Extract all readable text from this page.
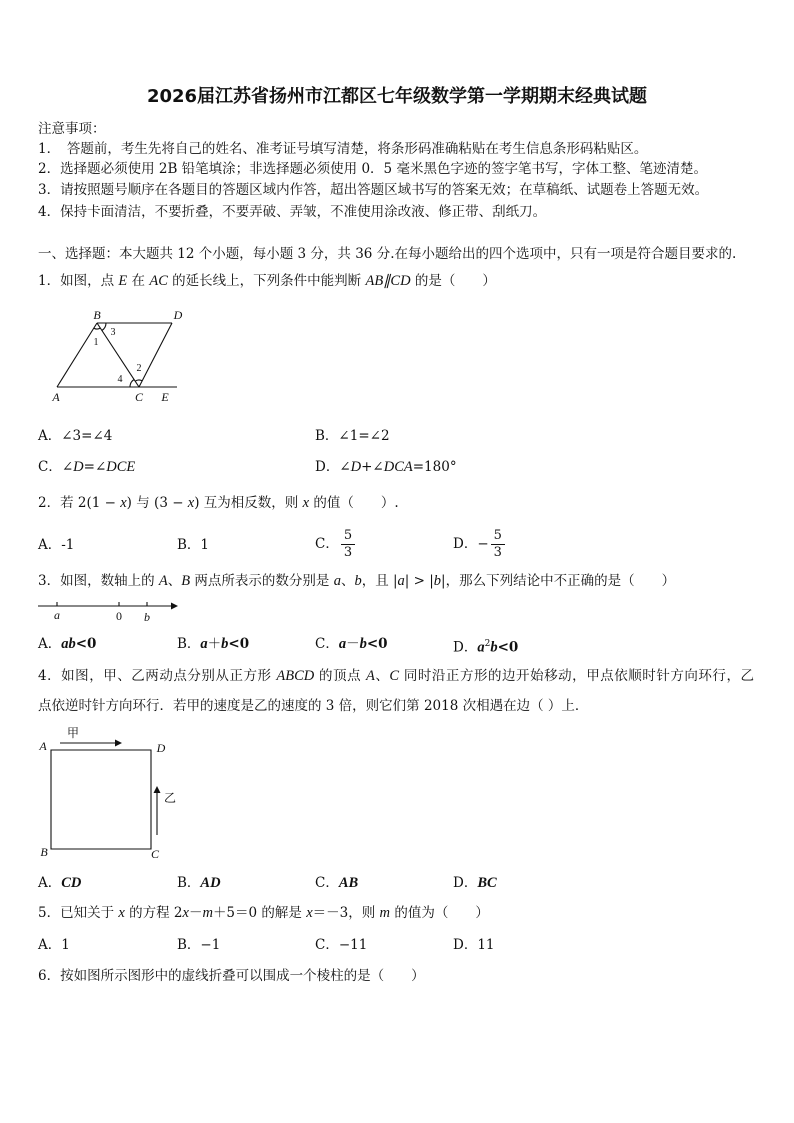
2026届江苏省扬州市江都区七年级数学第一学期期末经典试题
注意事项：
1．　答题前，考生先将自己的姓名、准考证号填写清楚，将条形码准确粘贴在考生信息条形码粘贴区。
2．选择题必须使用 2B 铅笔填涂；非选择题必须使用 0．5 毫米黑色字迹的签字笔书写，字体工整、笔迹清楚。
3．请按照题号顺序在各题目的答题区域内作答，超出答题区域书写的答案无效；在草稿纸、试题卷上答题无效。
4．保持卡面清洁，不要折叠，不要弄破、弄皱，不准使用涂改液、修正带、刮纸刀。
一、选择题：本大题共 12 个小题，每小题 3 分，共 36 分.在每小题给出的四个选项中，只有一项是符合题目要求的.
1．如图，点 E 在 AC 的延长线上，下列条件中能判断 AB∥CD 的是（　　）
B	D
A	C E
3
1
2
4
A．∠3=∠4	B．∠1=∠2
C．∠D=∠DCE	D．∠D+∠DCA=180°
2．若 2(1 − x) 与 (3 − x) 互为相反数，则 x 的值（　　）.
A．-1	B．1	C． $\frac{5}{3}$	D．− $\frac{5}{3}$
3．如图，数轴上的 A、B 两点所表示的数分别是 a、b，且 |a| > |b|，那么下列结论中不正确的是（　　）
a	0 b
A．ab<0	B．a＋b<0	C．a－b<0	D．$a^2b<0$
4．如图，甲、乙两动点分别从正方形 ABCD 的顶点 A、C 同时沿正方形的边开始移动，甲点依顺时针方向环行，乙
点依逆时针方向环行．若甲的速度是乙的速度的 3 倍，则它们第 2018 次相遇在边（ ）上．
A	D
B	C
甲
乙
A．CD	B．AD	C．AB	D．BC
5．已知关于 x 的方程 2x－m＋5＝0 的解是 x＝－3，则 m 的值为（　　）
A．1	B．−1	C．−11	D．11
6．按如图所示图形中的虚线折叠可以围成一个棱柱的是（　　）
